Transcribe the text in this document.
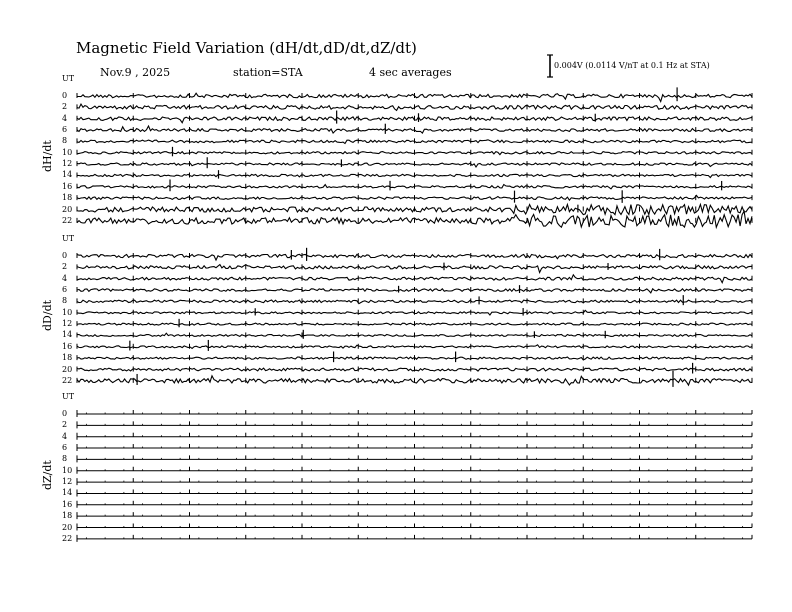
Magnetic Field Variation (dH/dt,dD/dt,dZ/dt)
Nov.9 , 2025	station=STA	4 sec averages
0.004V (0.0114 V/nT at 0.1 Hz at STA)
UT
dH/dt
0
2
4
6
8
10
12
14
16
18
20
22
UT
dD/dt
0
2
4
6
8
10
12
14
16
18
20
22
UT
dZ/dt
0
2
4
6
8
10
12
14
16
18
20
22
